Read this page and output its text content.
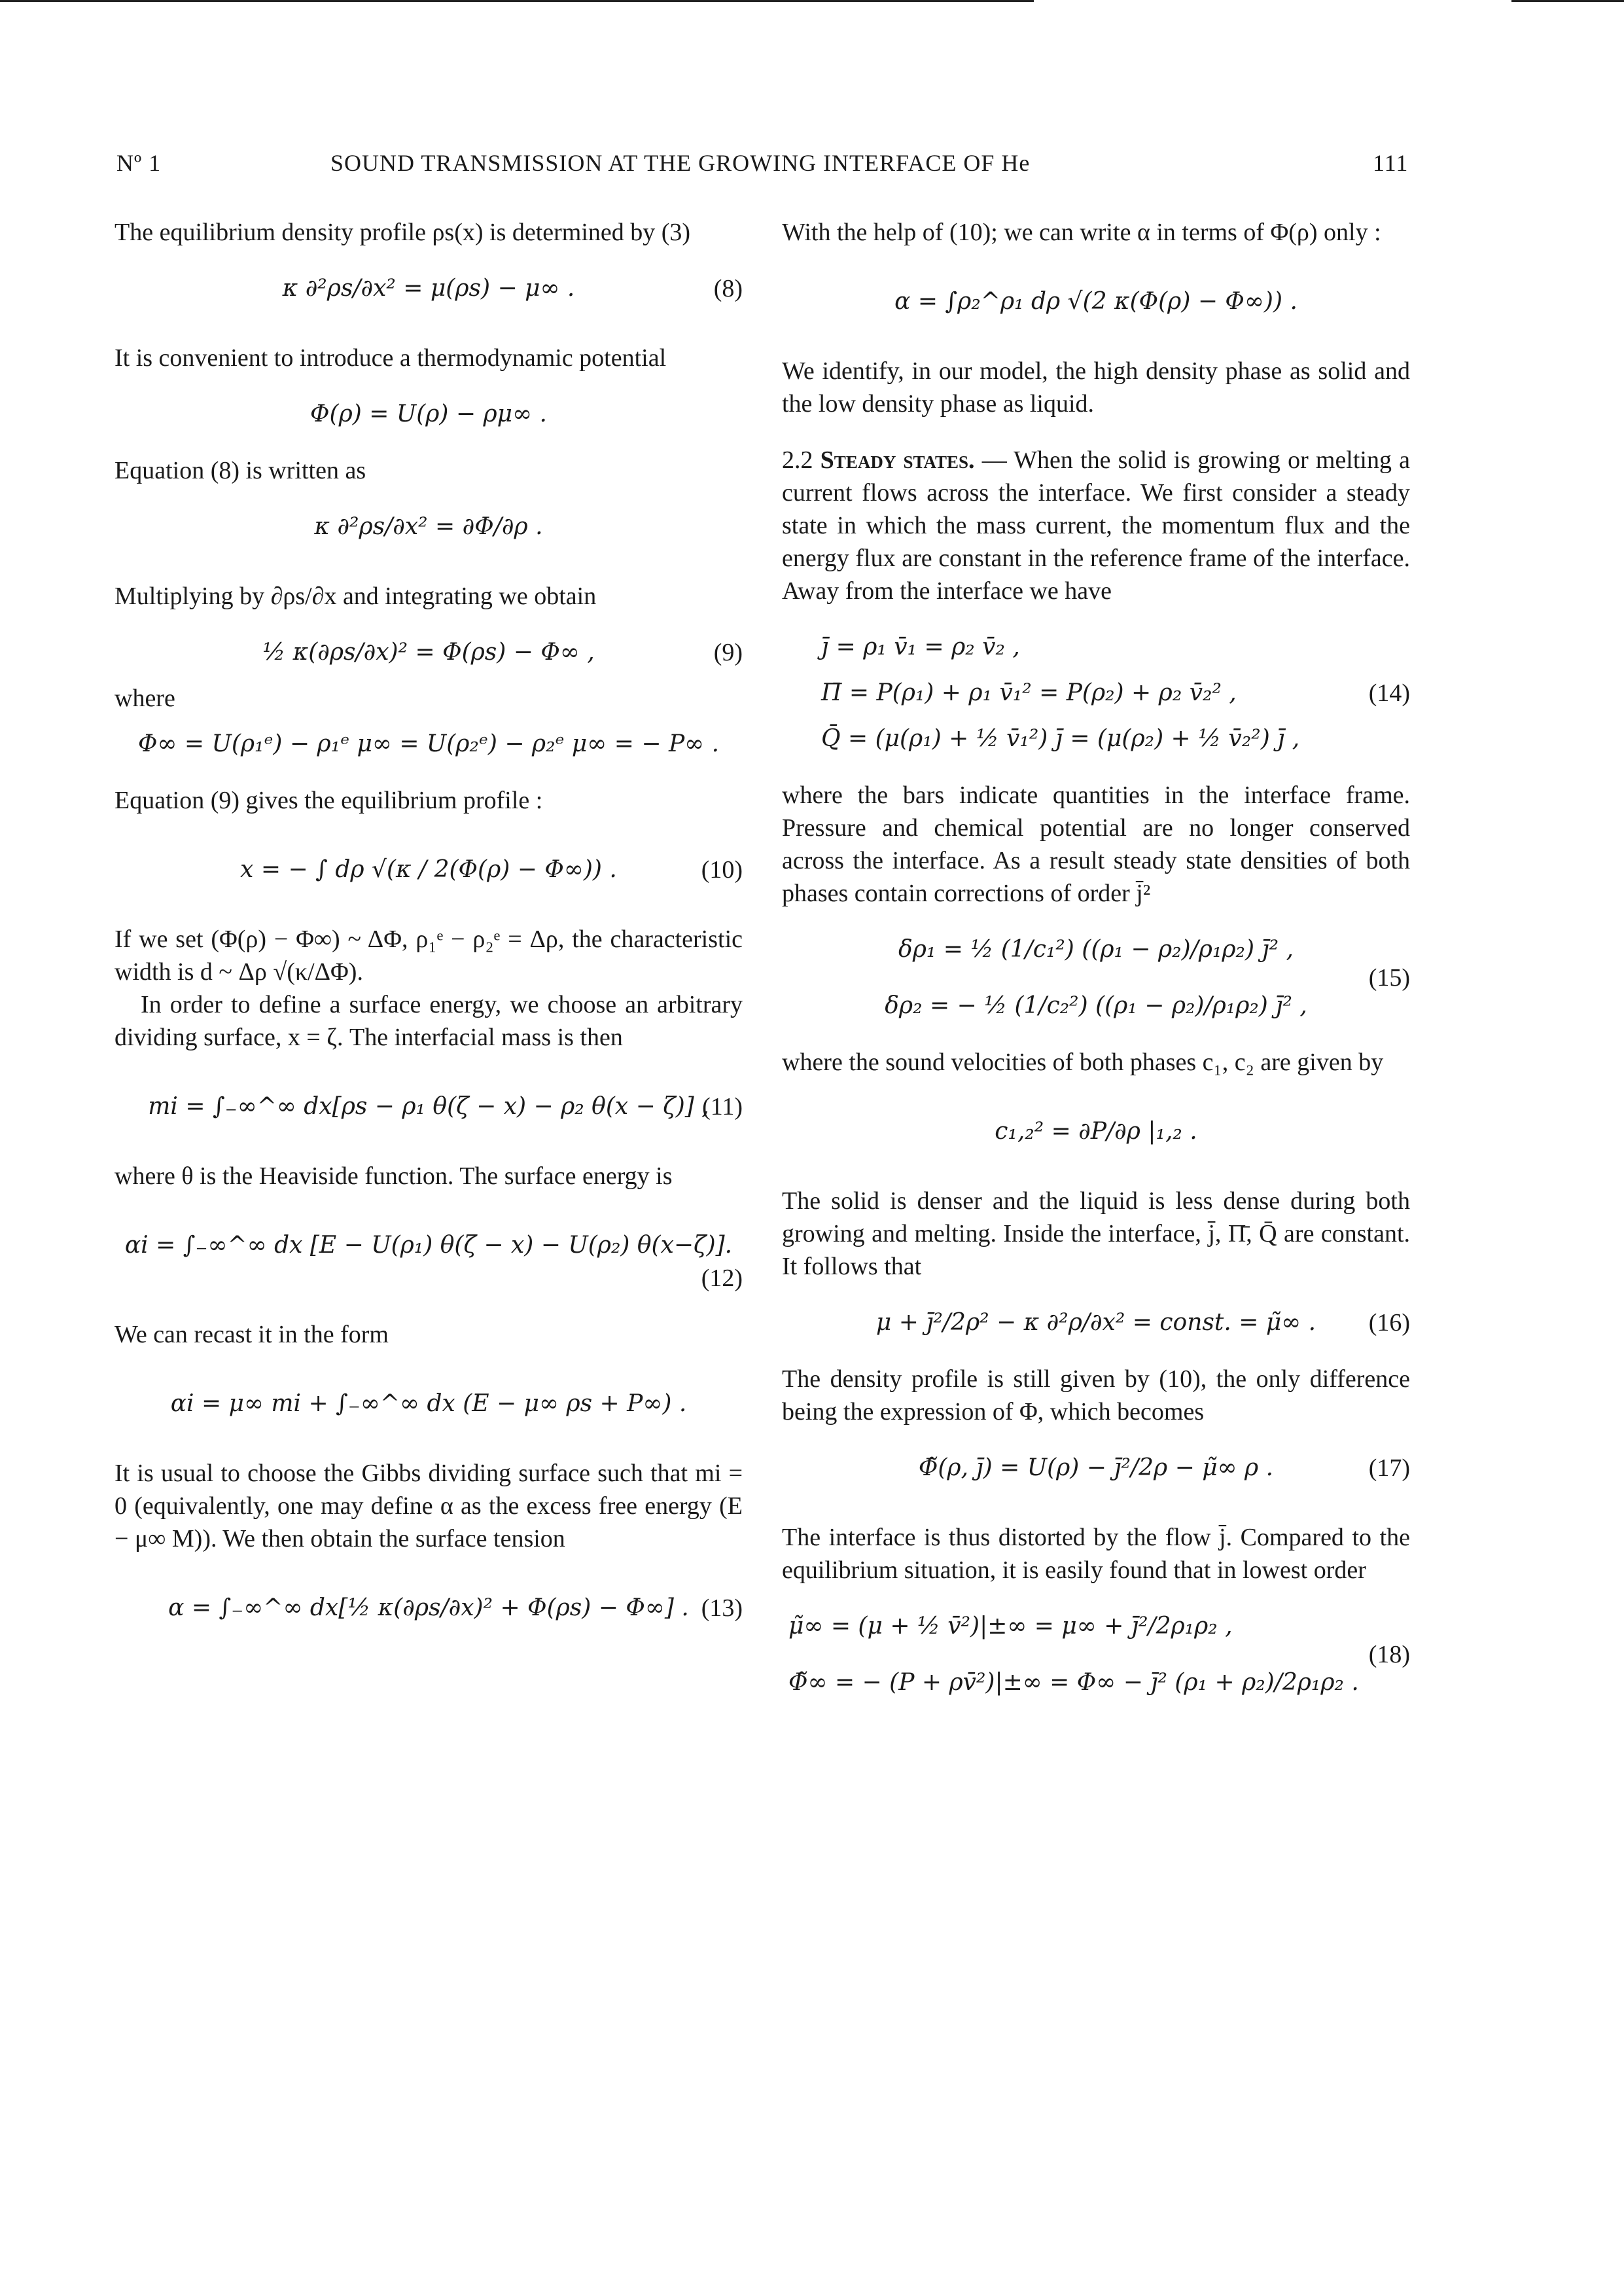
Nº 1	SOUND TRANSMISSION AT THE GROWING INTERFACE OF He	111

The equilibrium density profile ρs(x) is determined by (3)

κ ∂²ρs/∂x² = μ(ρs) − μ∞ .	(8)

It is convenient to introduce a thermodynamic potential

Φ(ρ) = U(ρ) − ρμ∞ .

Equation (8) is written as

κ ∂²ρs/∂x² = ∂Φ/∂ρ .

Multiplying by ∂ρs/∂x and integrating we obtain

½ κ(∂ρs/∂x)² = Φ(ρs) − Φ∞ ,	(9)

where

Φ∞ = U(ρ₁ᵉ) − ρ₁ᵉ μ∞ = U(ρ₂ᵉ) − ρ₂ᵉ μ∞ = − P∞ .

Equation (9) gives the equilibrium profile :

x = − ∫ dρ √(κ / 2(Φ(ρ) − Φ∞)) .	(10)

If we set (Φ(ρ) − Φ∞) ~ ΔΦ, ρ₁ᵉ − ρ₂ᵉ = Δρ, the characteristic width is d ~ Δρ √(κ/ΔΦ).

In order to define a surface energy, we choose an arbitrary dividing surface, x = ζ. The interfacial mass is then

mi = ∫₋∞^∞ dx[ρs − ρ₁ θ(ζ − x) − ρ₂ θ(x − ζ)] ,
(11)

where θ is the Heaviside function. The surface energy is

αi = ∫₋∞^∞ dx [E − U(ρ₁) θ(ζ − x) − U(ρ₂) θ(x−ζ)].
(12)

We can recast it in the form

αi = μ∞ mi + ∫₋∞^∞ dx (E − μ∞ ρs + P∞) .

It is usual to choose the Gibbs dividing surface such that mi = 0 (equivalently, one may define α as the excess free energy (E − μ∞ M)). We then obtain the surface tension

α = ∫₋∞^∞ dx[½ κ(∂ρs/∂x)² + Φ(ρs) − Φ∞] . (13)

With the help of (10); we can write α in terms of Φ(ρ) only :

α = ∫ρ₂^ρ₁ dρ √(2 κ(Φ(ρ) − Φ∞)) .

We identify, in our model, the high density phase as solid and the low density phase as liquid.

2.2 Steady states. — When the solid is growing or melting a current flows across the interface. We first consider a steady state in which the mass current, the momentum flux and the energy flux are constant in the reference frame of the interface. Away from the interface we have

j̄ = ρ₁ v̄₁ = ρ₂ v̄₂ ,
Π̄ = P(ρ₁) + ρ₁ v̄₁² = P(ρ₂) + ρ₂ v̄₂² ,
Q̄ = (μ(ρ₁) + ½ v̄₁²) j̄ = (μ(ρ₂) + ½ v̄₂²) j̄ ,
(14)

where the bars indicate quantities in the interface frame. Pressure and chemical potential are no longer conserved across the interface. As a result steady state densities of both phases contain corrections of order j̄²

δρ₁ = ½ (1/c₁²) ((ρ₁ − ρ₂)/ρ₁ρ₂) j̄² ,
δρ₂ = − ½ (1/c₂²) ((ρ₁ − ρ₂)/ρ₁ρ₂) j̄² ,
(15)

where the sound velocities of both phases c₁, c₂ are given by

c₁,₂² = ∂P/∂ρ |₁,₂ .

The solid is denser and the liquid is less dense during both growing and melting. Inside the interface, j̄, Π̄, Q̄ are constant. It follows that

μ + j̄²/2ρ² − κ ∂²ρ/∂x² = const. = μ̃∞ .	(16)

The density profile is still given by (10), the only difference being the expression of Φ, which becomes

Φ̃(ρ, j̄) = U(ρ) − j̄²/2ρ − μ̃∞ ρ .	(17)

The interface is thus distorted by the flow j̄. Compared to the equilibrium situation, it is easily found that in lowest order

μ̃∞ = (μ + ½ v̄²)|±∞ = μ∞ + j̄²/2ρ₁ρ₂ ,
Φ̃∞ = − (P + ρv̄²)|±∞ = Φ∞ − j̄² (ρ₁ + ρ₂)/2ρ₁ρ₂ .
(18)
